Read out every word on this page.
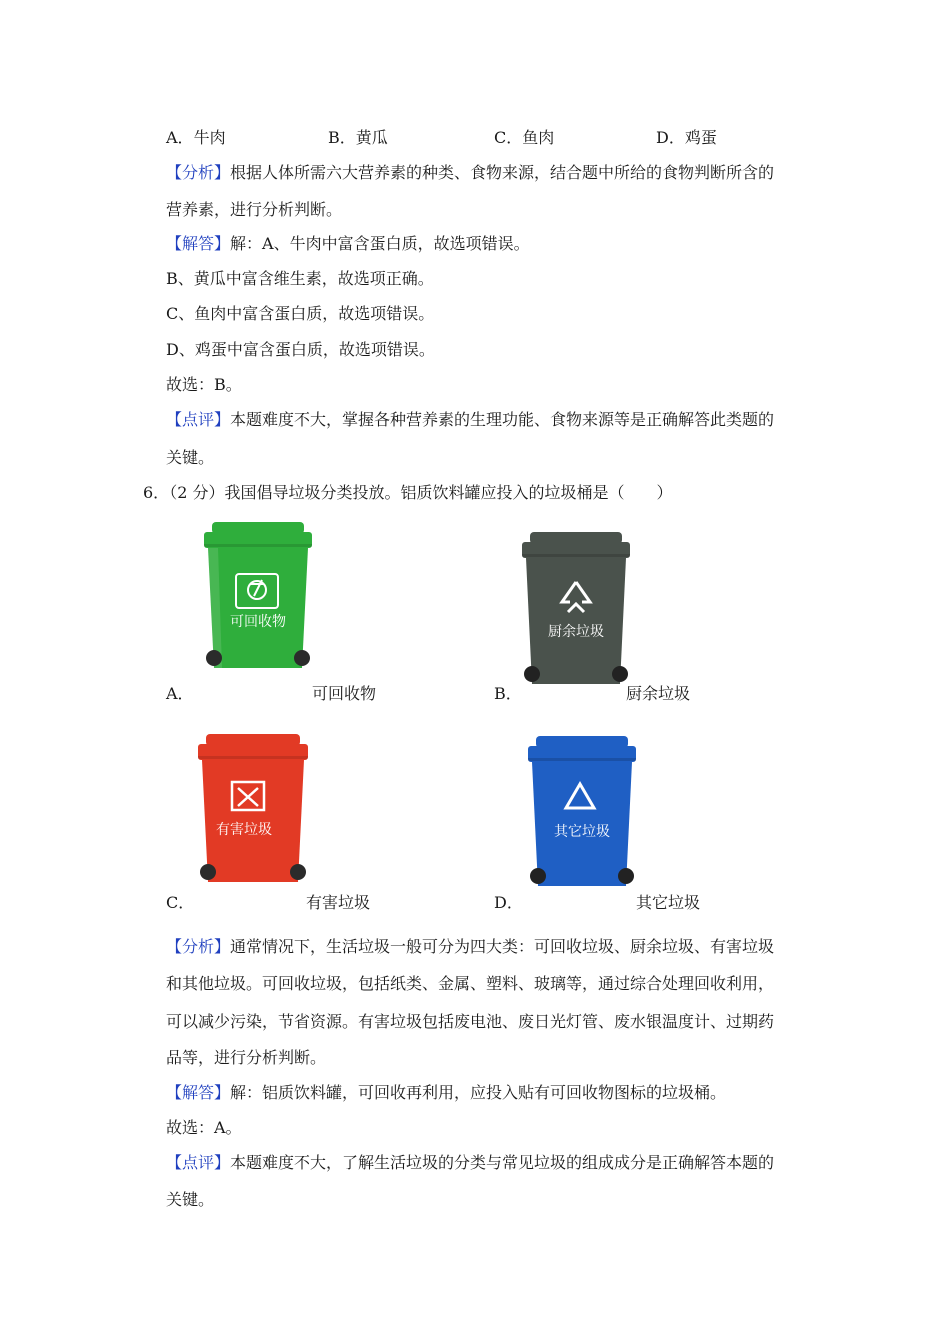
A．牛肉	B．黄瓜	C．鱼肉	D．鸡蛋
【分析】根据人体所需六大营养素的种类、食物来源，结合题中所给的食物判断所含的
营养素，进行分析判断。
【解答】解：A、牛肉中富含蛋白质，故选项错误。
B、黄瓜中富含维生素，故选项正确。
C、鱼肉中富含蛋白质，故选项错误。
D、鸡蛋中富含蛋白质，故选项错误。
故选：B。
【点评】本题难度不大，掌握各种营养素的生理功能、食物来源等是正确解答此类题的
关键。
6．（2 分）我国倡导垃圾分类投放。铝质饮料罐应投入的垃圾桶是（　　）
可回收物
厨余垃圾
有害垃圾	其它垃圾
A．	可回收物	B．	厨余垃圾
C．	有害垃圾	D．	其它垃圾
【分析】通常情况下，生活垃圾一般可分为四大类：可回收垃圾、厨余垃圾、有害垃圾
和其他垃圾。可回收垃圾，包括纸类、金属、塑料、玻璃等，通过综合处理回收利用，
可以减少污染，节省资源。有害垃圾包括废电池、废日光灯管、废水银温度计、过期药
品等，进行分析判断。
【解答】解：铝质饮料罐，可回收再利用，应投入贴有可回收物图标的垃圾桶。
故选：A。
【点评】本题难度不大，了解生活垃圾的分类与常见垃圾的组成成分是正确解答本题的
关键。
